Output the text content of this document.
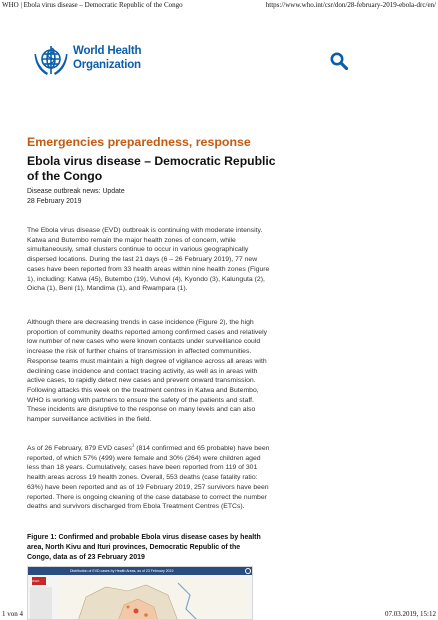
WHO | Ebola virus disease – Democratic Republic of the Congo	https://www.who.int/csr/don/28-february-2019-ebola-drc/en/
World Health
Organization
Emergencies preparedness, response
Ebola virus disease – Democratic Republic of the Congo
Disease outbreak news: Update
28 February 2019

The Ebola virus disease (EVD) outbreak is continuing with moderate intensity. Katwa and Butembo remain the major health zones of concern, while simultaneously, small clusters continue to occur in various geographically dispersed locations. During the last 21 days (6 – 26 February 2019), 77 new cases have been reported from 33 health areas within nine health zones (Figure 1), including: Katwa (45), Butembo (19), Vuhovi (4), Kyondo (3), Kalunguta (2), Oicha (1), Beni (1), Mandima (1), and Rwampara (1).

Although there are decreasing trends in case incidence (Figure 2), the high proportion of community deaths reported among confirmed cases and relatively low number of new cases who were known contacts under surveillance could increase the risk of further chains of transmission in affected communities. Response teams must maintain a high degree of vigilance across all areas with declining case incidence and contact tracing activity, as well as in areas with active cases, to rapidly detect new cases and prevent onward transmission. Following attacks this week on the treatment centres in Katwa and Butembo, WHO is working with partners to ensure the safety of the patients and staff. These incidents are disruptive to the response on many levels and can also hamper surveillance activities in the field.

As of 26 February, 879 EVD cases$^1$ (814 confirmed and 65 probable) have been reported, of which 57% (499) were female and 30% (264) were children aged less than 18 years. Cumulatively, cases have been reported from 119 of 301 health areas across 19 health zones. Overall, 553 deaths (case fatality ratio: 63%) have been reported and as of 19 February 2019, 257 survivors have been reported. There is ongoing cleaning of the case database to correct the number deaths and survivors discharged from Ebola Treatment Centres (ETCs).

Figure 1: Confirmed and probable Ebola virus disease cases by health area, North Kivu and Ituri provinces, Democratic Republic of the Congo, data as of 23 February 2019
Distribution of EVD cases by Health Areas, as of 23 February 2019
WHO
1 von 4	07.03.2019, 15:12
